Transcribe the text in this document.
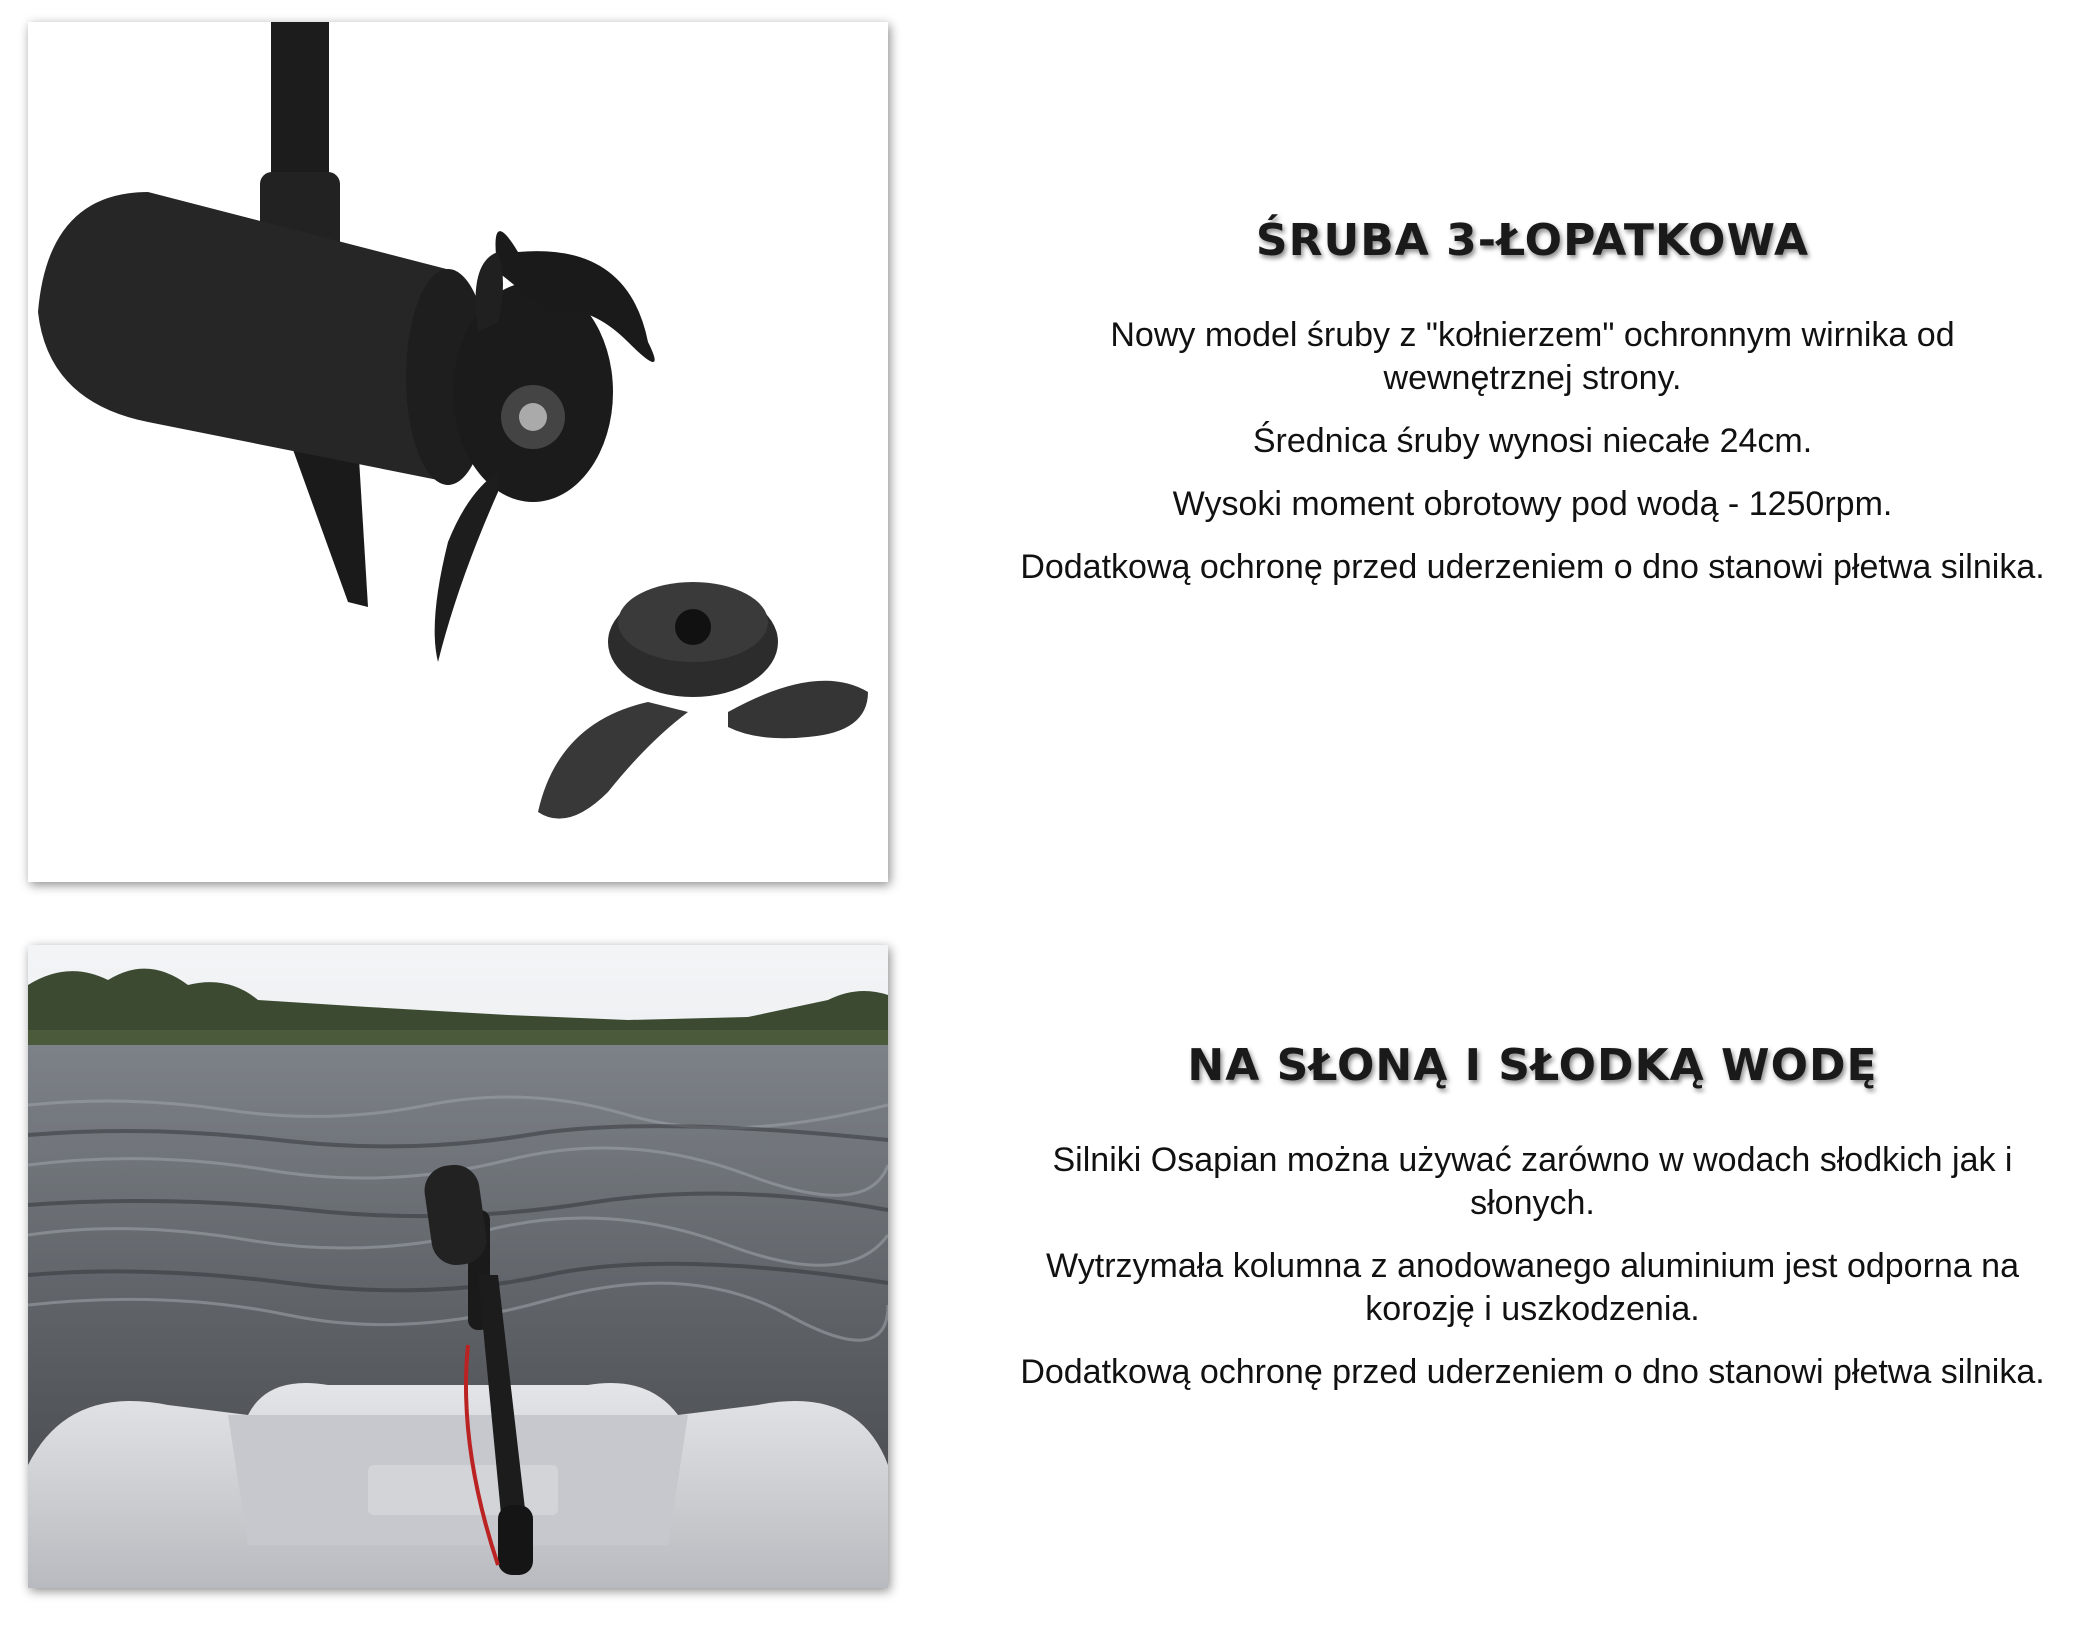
ŚRUBA 3-ŁOPATKOWA

Nowy model śruby z "kołnierzem" ochronnym wirnika od wewnętrznej strony.

Średnica śruby wynosi niecałe 24cm.

Wysoki moment obrotowy pod wodą - 1250rpm.

Dodatkową ochronę przed uderzeniem o dno stanowi płetwa silnika.

NA SŁONĄ I SŁODKĄ WODĘ

Silniki Osapian można używać zarówno w wodach słodkich jak i słonych.

Wytrzymała kolumna z anodowanego aluminium jest odporna na korozję i uszkodzenia.

Dodatkową ochronę przed uderzeniem o dno stanowi płetwa silnika.
